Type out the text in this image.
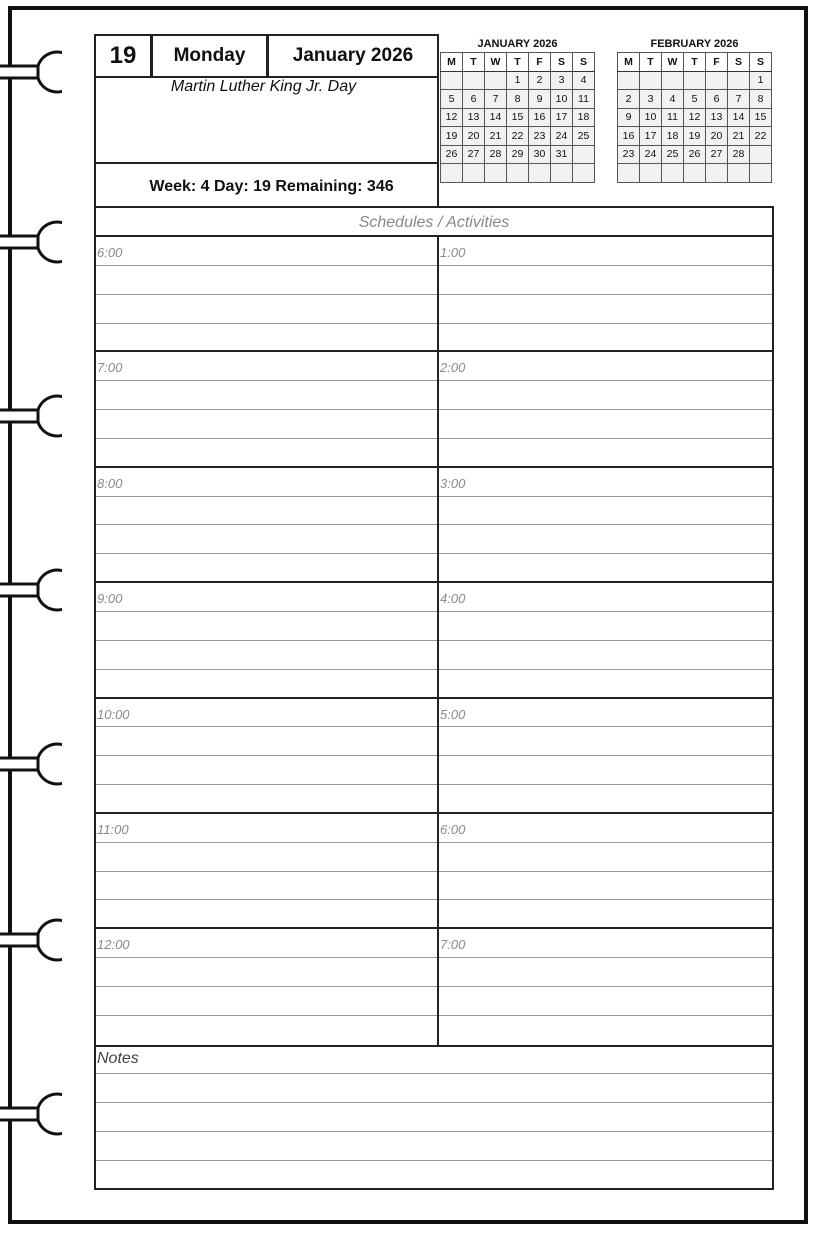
19	Monday	January 2026
Martin Luther King Jr. Day
Week: 4 Day: 19 Remaining: 346
JANUARY 2026
M	T	W	T	F	S	S
			1	2	3	4
5	6	7	8	9	10	11
12	13	14	15	16	17	18
19	20	21	22	23	24	25
26	27	28	29	30	31	

FEBRUARY 2026
M	T	W	T	F	S	S
						1
2	3	4	5	6	7	8
9	10	11	12	13	14	15
16	17	18	19	20	21	22
23	24	25	26	27	28	

Schedules / Activities
6:00
7:00
8:00
9:00
10:00
11:00
12:00
1:00
2:00
3:00
4:00
5:00
6:00
7:00
Notes
